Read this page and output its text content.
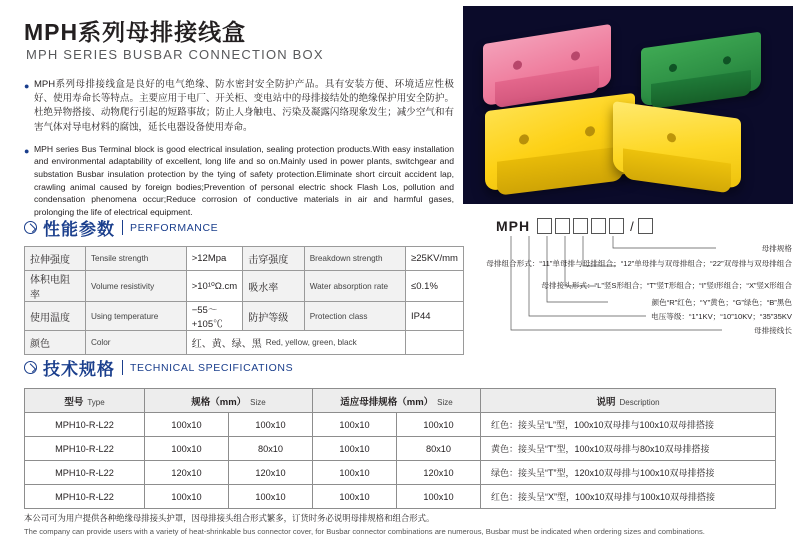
MPH系列母排接线盒
MPH SERIES BUSBAR CONNECTION BOX
● MPH系列母排接线盒是良好的电气绝缘、防水密封安全防护产品。具有安装方便、环境适应性极好、使用寿命长等特点。主要应用于电厂、开关柜、变电站中的母排接结处的绝缘保护用安全防护。杜绝异物搭接、动物爬行引起的短路事故；防止人身触电、污染及凝露闪络现象发生；减少空气和有害气体对导电材料的腐蚀，延长电器设备使用寿命。
● MPH series Bus Terminal block is good electrical insulation, sealing protection products.With easy installation and environmental adaptability of excellent, long life and so on.Mainly used in power plants, switchgear and substation Busbar insulation protection by the tying of safety protection.Eliminate short circuit accident lap, crawling animal caused by foreign bodies;Prevention of personal electric shock Flash Los, pollution and condensation phenomena occur;Reduce corrosion of conductive materials in air and harmful gases, prolonging the life of electrical equipment.
性能参数 PERFORMANCE
拉伸强度	Tensile strength	>12Mpa	击穿强度	Breakdown strength	≥25KV/mm
体积电阻率	Volume resistivity	>10¹⁰Ω.cm	吸水率	Water absorption rate	≤0.1%
使用温度	Using temperature	−55～+105℃	防护等级	Protection class	IP44
颜色	Color	红、黄、绿、黑 Red, yellow, green, black			

MPH	/
母排接线长
电压等级：“1”1KV；“10”10KV；“35”35KV
颜色“R”红色；“Y”黄色；“G”绿色；“B”黑色
母排接头形式：“L”竖S形组合；“T”竖T形组合；“I”竖I形组合；“X”竖X形组合
母排组合形式：“11”单母排与母排组合；“12”单母排与双母排组合；“22”双母排与双母排组合
母排规格
技术规格 TECHNICAL SPECIFICATIONS
型号 Type	规格（mm） Size		适应母排规格（mm） Size		说明 Description
MPH10-R-L22	100x10	100x10	100x10	100x10	红色：接头呈“L”型，100x10双母排与100x10双母排搭接
MPH10-R-L22	100x10	80x10	100x10	80x10	黄色：接头呈“T”型，100x10双母排与80x10双母排搭接
MPH10-R-L22	120x10	120x10	100x10	120x10	绿色：接头呈“T”型，120x10双母排与100x10双母排搭接
MPH10-R-L22	100x10	100x10	100x10	100x10	红色：接头呈“X”型，100x10双母排与100x10双母排搭接
本公司可为用户提供各种绝缘母排接头护罩，因母排接头组合形式繁多，订货时务必说明母排规格和组合形式。
The company can provide users with a variety of heat-shrinkable bus connector cover, for Busbar connector combinations are numerous, Busbar must be indicated when ordering sizes and combinations.
